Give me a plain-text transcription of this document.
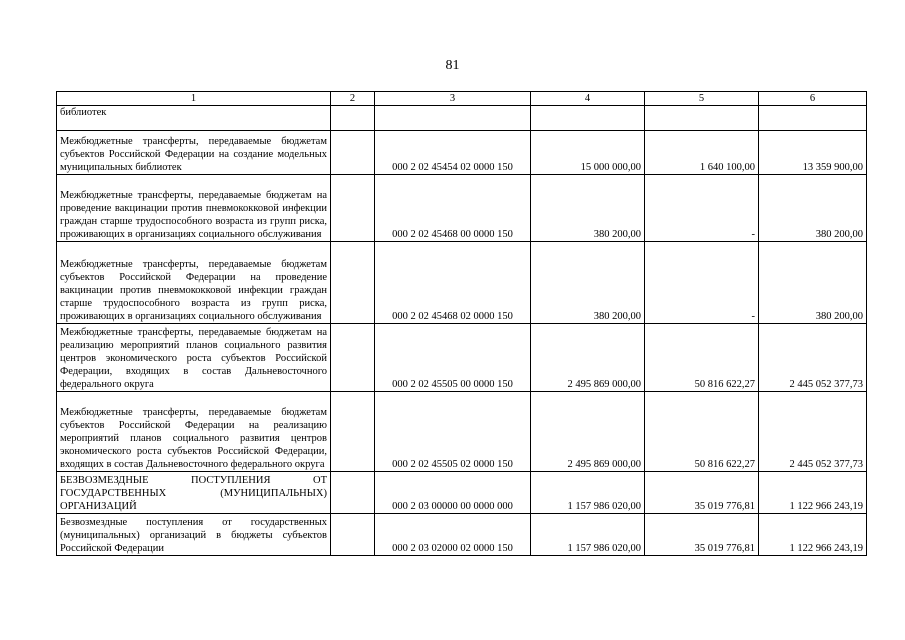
81
1	2	3	4	5	6
библиотек					
Межбюджетные трансферты, передаваемые бюджетам субъектов Российской Федерации на создание модельных муниципальных библиотек		000 2 02 45454 02 0000 150	15 000 000,00	1 640 100,00	13 359 900,00
Межбюджетные трансферты, передаваемые бюджетам на проведение вакцинации против пневмококковой инфекции граждан старше трудоспособного возраста из групп риска, проживающих в организациях социального обслуживания		000 2 02 45468 00 0000 150	380 200,00	-	380 200,00
Межбюджетные трансферты, передаваемые бюджетам субъектов Российской Федерации на проведение вакцинации против пневмококковой инфекции граждан старше трудоспособного возраста из групп риска, проживающих в организациях социального обслуживания		000 2 02 45468 02 0000 150	380 200,00	-	380 200,00
Межбюджетные трансферты, передаваемые бюджетам на реализацию мероприятий планов социального развития центров экономического роста субъектов Российской Федерации, входящих в состав Дальневосточного федерального округа		000 2 02 45505 00 0000 150	2 495 869 000,00	50 816 622,27	2 445 052 377,73
Межбюджетные трансферты, передаваемые бюджетам субъектов Российской Федерации на реализацию мероприятий планов социального развития центров экономического роста субъектов Российской Федерации, входящих в состав Дальневосточного федерального округа		000 2 02 45505 02 0000 150	2 495 869 000,00	50 816 622,27	2 445 052 377,73
БЕЗВОЗМЕЗДНЫЕ ПОСТУПЛЕНИЯ ОТ ГОСУДАРСТВЕННЫХ (МУНИЦИПАЛЬНЫХ) ОРГАНИЗАЦИЙ		000 2 03 00000 00 0000 000	1 157 986 020,00	35 019 776,81	1 122 966 243,19
Безвозмездные поступления от государственных (муниципальных) организаций в бюджеты субъектов Российской Федерации		000 2 03 02000 02 0000 150	1 157 986 020,00	35 019 776,81	1 122 966 243,19
